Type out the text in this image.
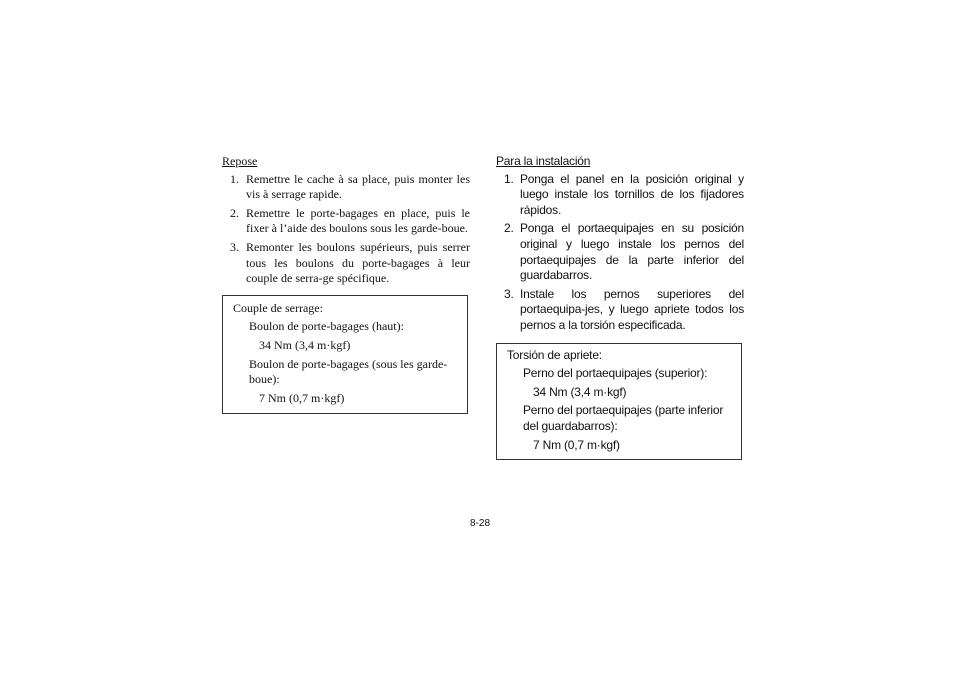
Repose
1. Remettre le cache à sa place, puis monter les vis à serrage rapide.
2. Remettre le porte-bagages en place, puis le fixer à l’aide des boulons sous les garde-boue.
3. Remonter les boulons supérieurs, puis serrer tous les boulons du porte-bagages à leur couple de serra-ge spécifique.
Couple de serrage:
Boulon de porte-bagages (haut):
34 Nm (3,4 m·kgf)
Boulon de porte-bagages (sous les garde-boue):
7 Nm (0,7 m·kgf)
Para la instalación
1. Ponga el panel en la posición original y luego instale los tornillos de los fijadores rápidos.
2. Ponga el portaequipajes en su posición original y luego instale los pernos del portaequipajes de la parte inferior del guardabarros.
3. Instale los pernos superiores del portaequipa-jes, y luego apriete todos los pernos a la torsión especificada.
Torsión de apriete:
Perno del portaequipajes (superior):
34 Nm (3,4 m·kgf)
Perno del portaequipajes (parte inferior del guardabarros):
7 Nm (0,7 m·kgf)
8-28
